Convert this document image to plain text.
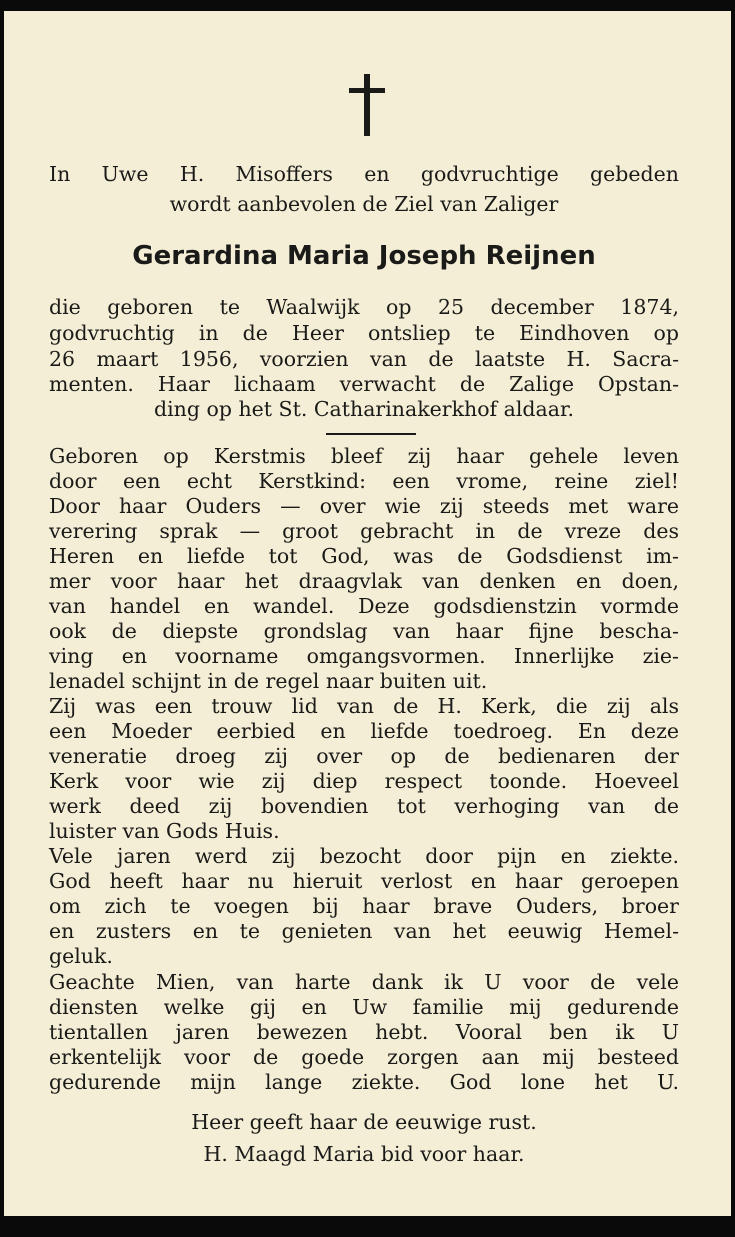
In Uwe H. Misoffers en godvruchtige gebeden
wordt aanbevolen de Ziel van Zaliger
Gerardina Maria Joseph Reijnen
die geboren te Waalwijk op 25 december 1874,
godvruchtig in de Heer ontsliep te Eindhoven op
26 maart 1956, voorzien van de laatste H. Sacra-
menten. Haar lichaam verwacht de Zalige Opstan-
ding op het St. Catharinakerkhof aldaar.
Geboren op Kerstmis bleef zij haar gehele leven
door een echt Kerstkind: een vrome, reine ziel!
Door haar Ouders — over wie zij steeds met ware
verering sprak — groot gebracht in de vreze des
Heren en liefde tot God, was de Godsdienst im-
mer voor haar het draagvlak van denken en doen,
van handel en wandel. Deze godsdienstzin vormde
ook de diepste grondslag van haar fijne bescha-
ving en voorname omgangsvormen. Innerlijke zie-
lenadel schijnt in de regel naar buiten uit.
Zij was een trouw lid van de H. Kerk, die zij als
een Moeder eerbied en liefde toedroeg. En deze
veneratie droeg zij over op de bedienaren der
Kerk voor wie zij diep respect toonde. Hoeveel
werk deed zij bovendien tot verhoging van de
luister van Gods Huis.
Vele jaren werd zij bezocht door pijn en ziekte.
God heeft haar nu hieruit verlost en haar geroepen
om zich te voegen bij haar brave Ouders, broer
en zusters en te genieten van het eeuwig Hemel-
geluk.
Geachte Mien, van harte dank ik U voor de vele
diensten welke gij en Uw familie mij gedurende
tientallen jaren bewezen hebt. Vooral ben ik U
erkentelijk voor de goede zorgen aan mij besteed
gedurende mijn lange ziekte. God lone het U.
Heer geeft haar de eeuwige rust.
H. Maagd Maria bid voor haar.
